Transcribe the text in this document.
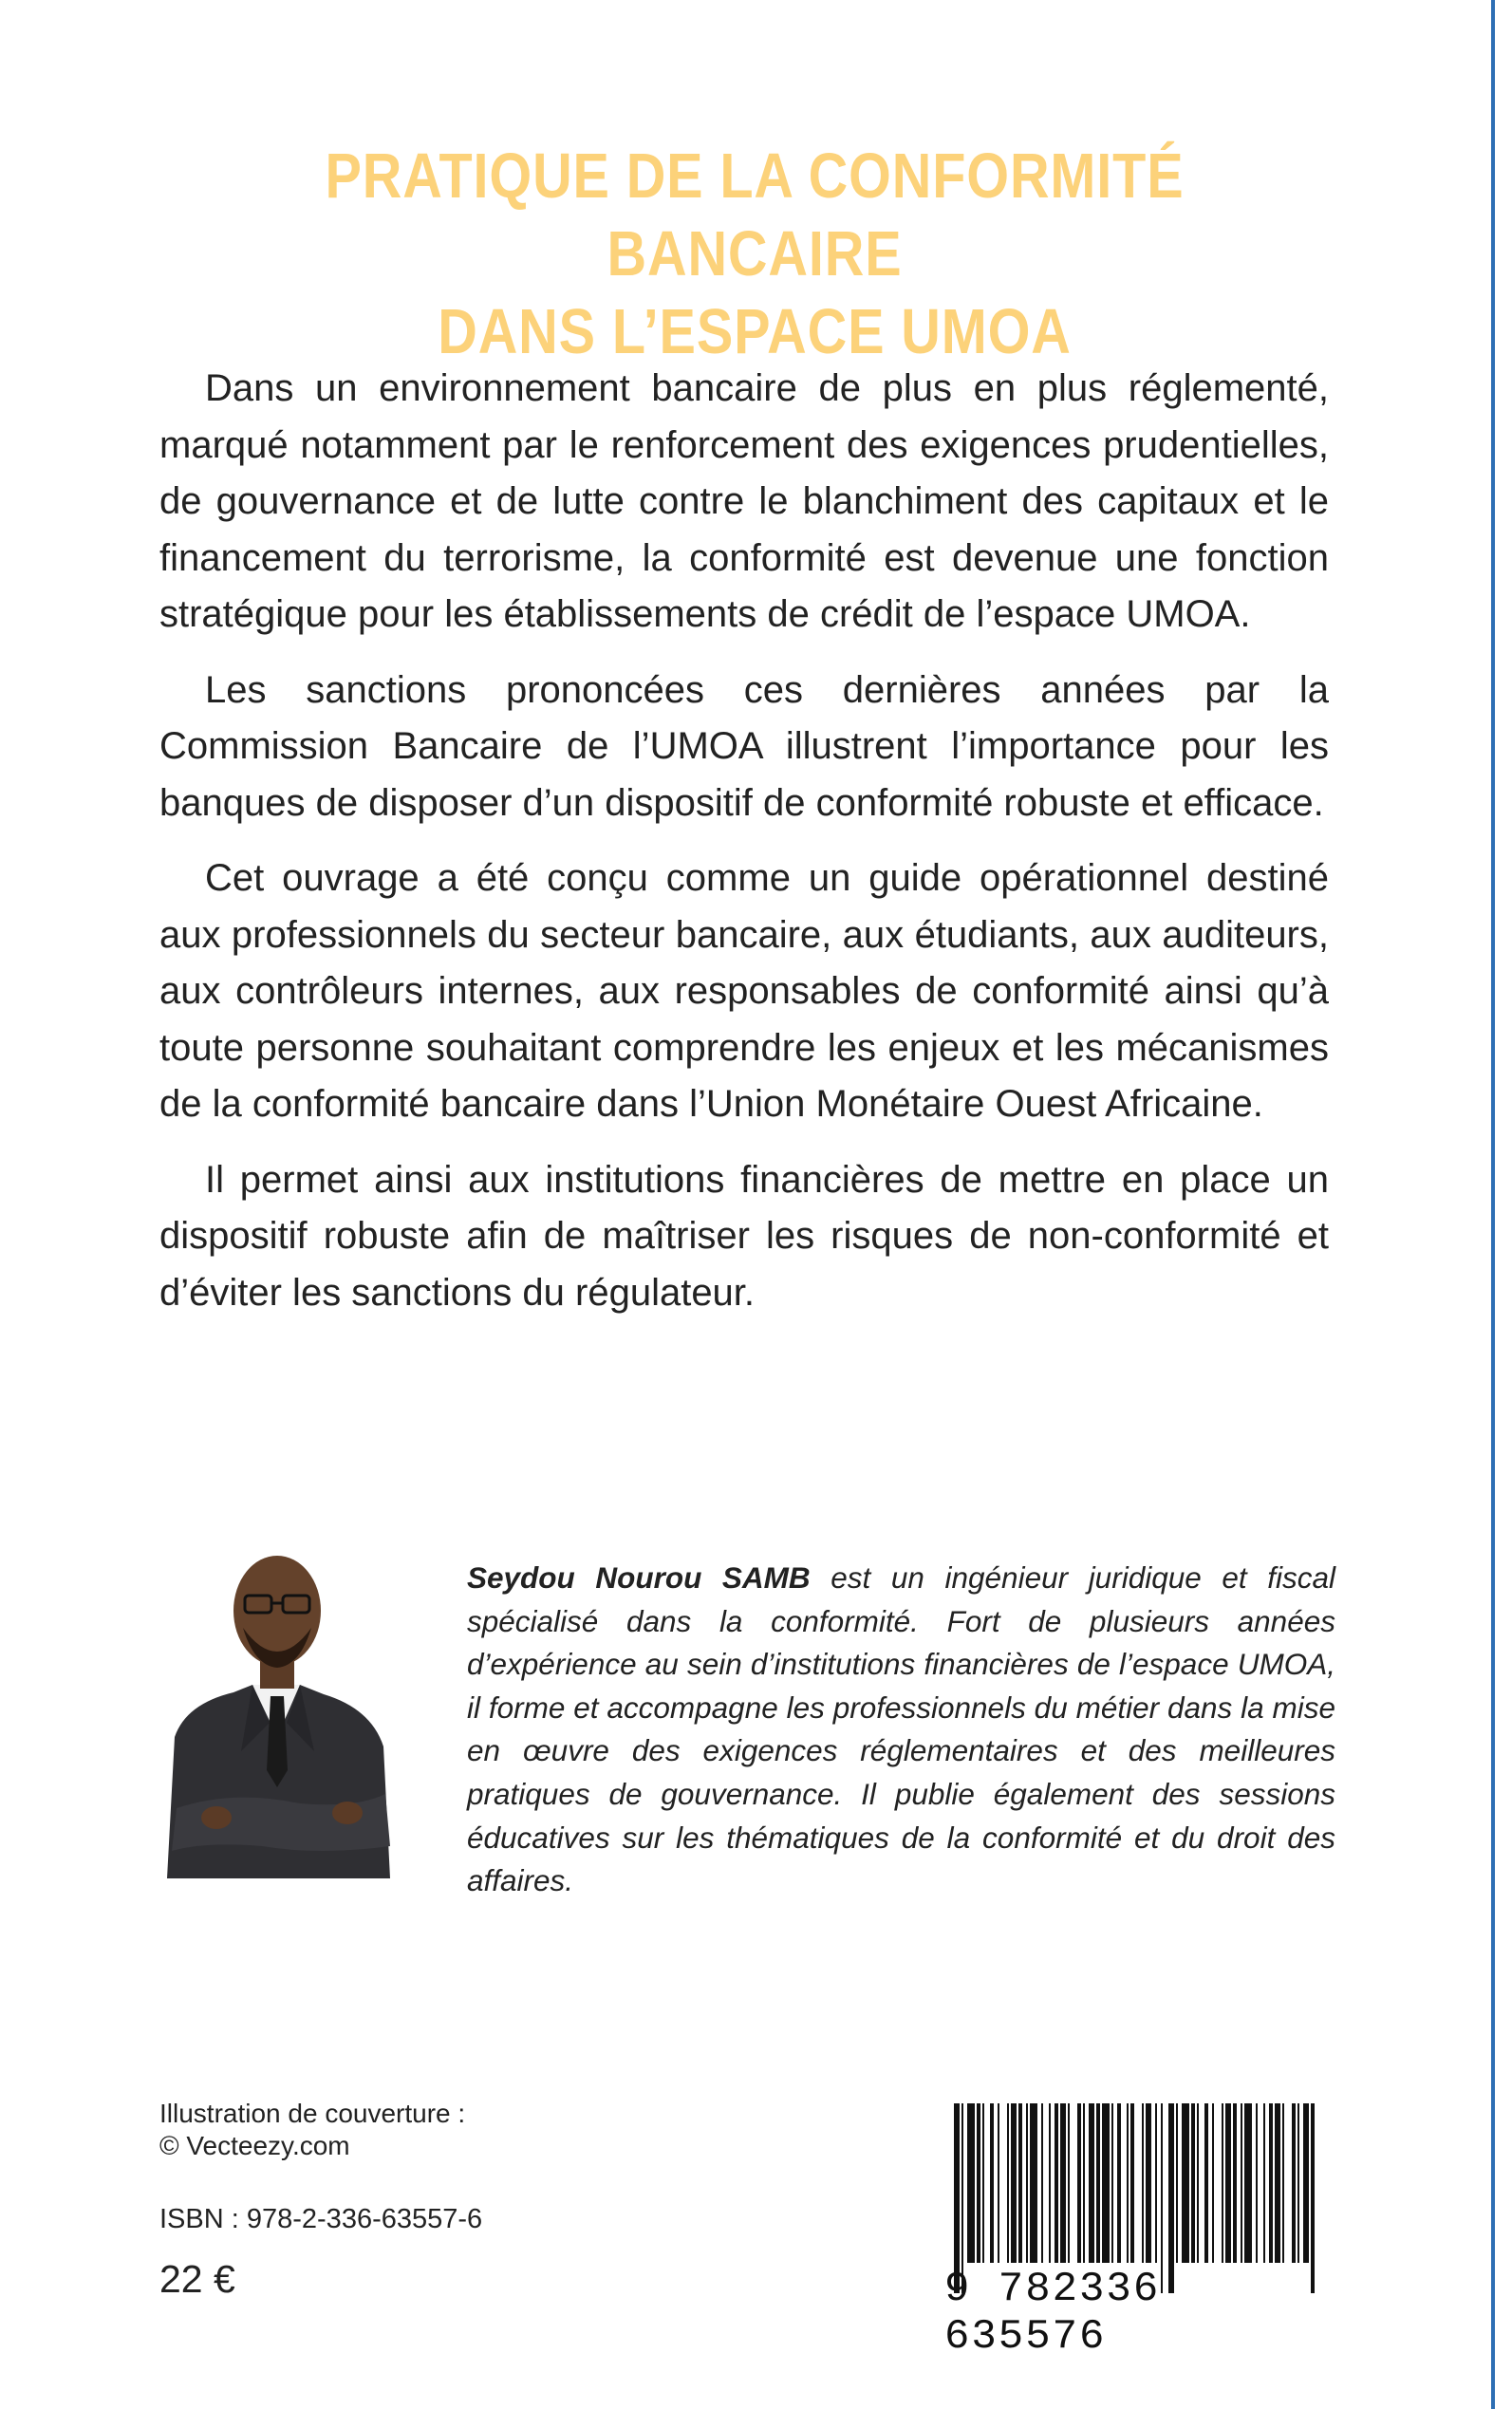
PRATIQUE DE LA CONFORMITÉ BANCAIRE
DANS L’ESPACE UMOA

Dans un environnement bancaire de plus en plus réglementé, marqué notamment par le renforcement des exigences prudentielles, de gouvernance et de lutte contre le blanchiment des capitaux et le financement du terrorisme, la conformité est devenue une fonction stratégique pour les établissements de crédit de l’espace UMOA.

Les sanctions prononcées ces dernières années par la Commission Bancaire de l’UMOA illustrent l’importance pour les banques de disposer d’un dispositif de conformité robuste et efficace.

Cet ouvrage a été conçu comme un guide opérationnel destiné aux professionnels du secteur bancaire, aux étudiants, aux auditeurs, aux contrôleurs internes, aux responsables de conformité ainsi qu’à toute personne souhaitant comprendre les enjeux et les mécanismes de la conformité bancaire dans l’Union Monétaire Ouest Africaine.

Il permet ainsi aux institutions financières de mettre en place un dispositif robuste afin de maîtriser les risques de non-conformité et d’éviter les sanctions du régulateur.

Seydou Nourou SAMB est un ingénieur juridique et fiscal spécialisé dans la conformité. Fort de plusieurs années d’expérience au sein d’institutions financières de l’espace UMOA, il forme et accompagne les professionnels du métier dans la mise en œuvre des exigences réglementaires et des meilleures pratiques de gouvernance. Il publie également des sessions éducatives sur les thématiques de la conformité et du droit des affaires.
Illustration de couverture :
© Vecteezy.com
ISBN : 978-2-336-63557-6
22 €	9 782336 635576
